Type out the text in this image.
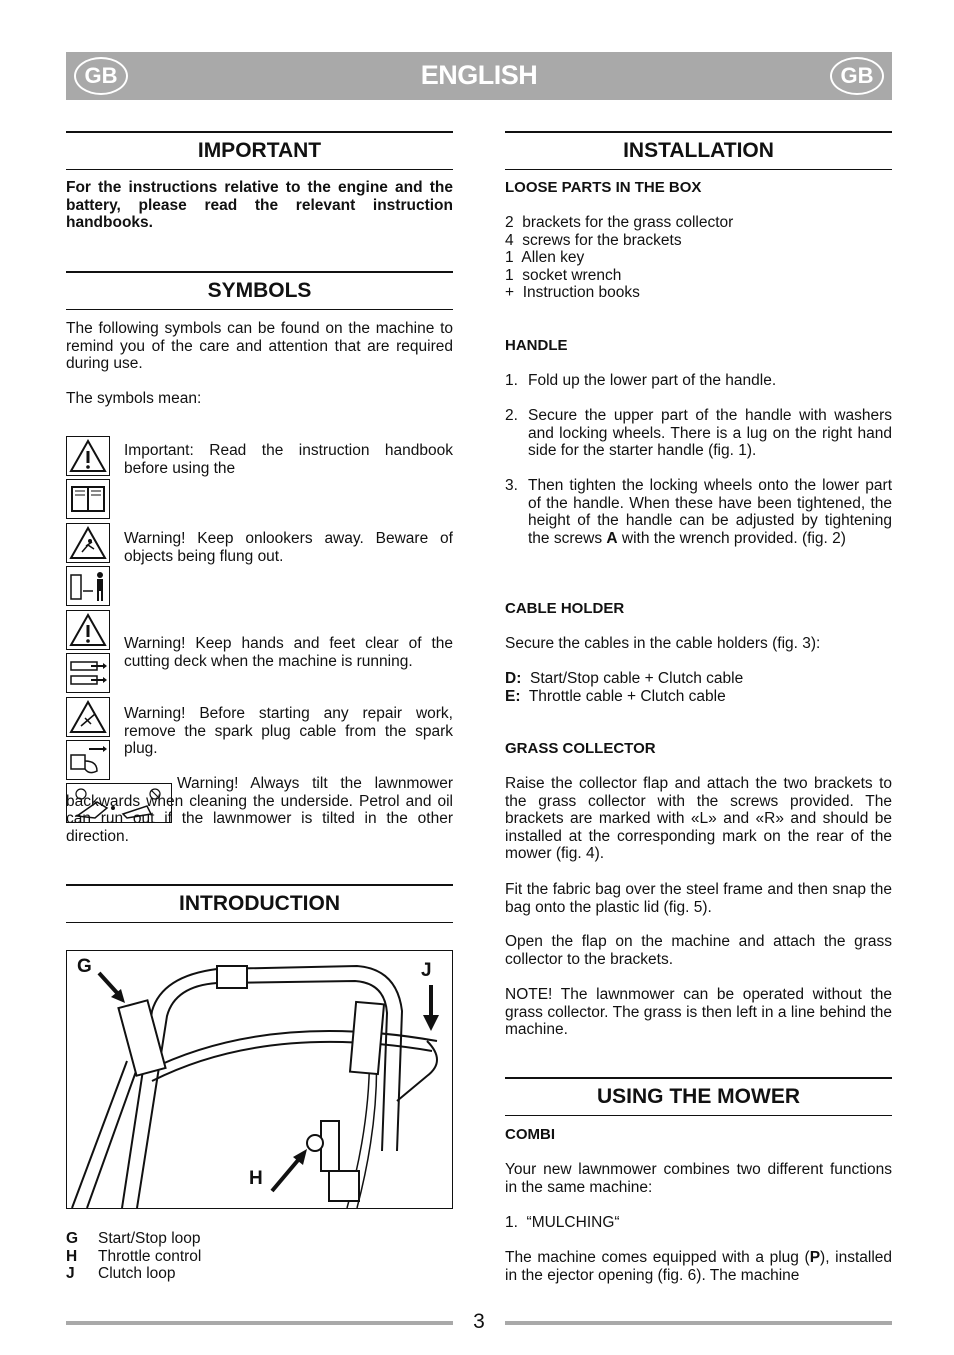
GB	ENGLISH	GB
IMPORTANT

For the instructions relative to the engine and the battery, please read the relevant instruction handbooks.

SYMBOLS

The following symbols can be found on the machine to remind you of the care and attention that are required during use.

The symbols mean:

Important: Read the instruction handbook before using the
Warning! Keep onlookers away. Beware of objects being flung out.
Warning! Keep hands and feet clear of the cutting deck when the machine is running.
Warning! Before starting any repair work, remove the spark plug cable from the spark plug.
Warning! Always tilt the lawnmower backwards when cleaning the underside. Petrol and oil can run out if the lawnmower is tilted in the other direction.
INTRODUCTION
G	J
H
G Start/Stop loop
H Throttle control
J Clutch loop
INSTALLATION

LOOSE PARTS IN THE BOX

2 brackets for the grass collector
4 screws for the brackets
1 Allen key
1 socket wrench
+ Instruction books

HANDLE

1. Fold up the lower part of the handle.
2. Secure the upper part of the handle with washers and locking wheels. There is a lug on the right hand side for the starter handle (fig. 1).
3. Then tighten the locking wheels onto the lower part of the handle. When these have been tightened, the height of the handle can be adjusted by tightening the screws A with the wrench provided. (fig. 2)

CABLE HOLDER

Secure the cables in the cable holders (fig. 3):

D: Start/Stop cable + Clutch cable
E: Throttle cable + Clutch cable

GRASS COLLECTOR

Raise the collector flap and attach the two brackets to the grass collector with the screws provided. The brackets are marked with «L» and «R» and should be installed at the corresponding mark on the rear of the mower (fig. 4).

Fit the fabric bag over the steel frame and then snap the bag onto the plastic lid (fig. 5).

Open the flap on the machine and attach the grass collector to the brackets.

NOTE! The lawnmower can be operated without the grass collector. The grass is then left in a line behind the machine.

USING THE MOWER

COMBI

Your new lawnmower combines two different functions in the same machine:

1.  “MULCHING“

The machine comes equipped with a plug (P), installed in the ejector opening (fig. 6). The machine

3
